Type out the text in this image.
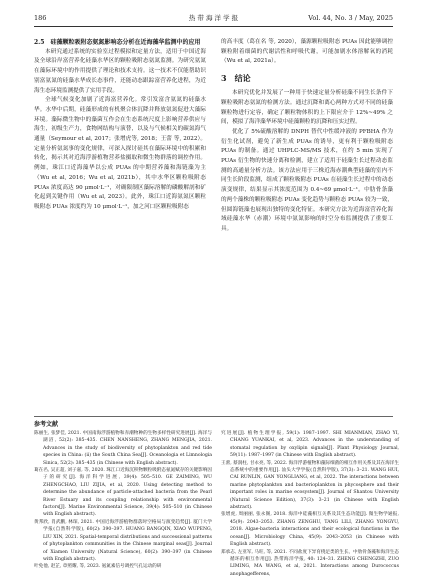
186	热 带 海 洋 学 报	Vol. 44, No. 3 / May, 2025
2.5　硅藻颗粒吸附态氨氮影响态分析在近海藻华监测中的应用

本研究通过系统的实验室过程模拟和定量方法，适用于中国近海及全球沿岸富营养化硅藻水华区的颗粒吸附态氨氮监测。为研究氨氮在藻际环境中的作用提供了理论和技术支持。这一技术不仅能帮助识别富氨氮的硅藻水华成长态事件，还能动态跟踪富营养化进程，为近海生态环境监测提供了实用手段。

全球气候变化加剧了近海富营养化。常引发富含氨氮的硅藻水华。水华中后期，硅藻形成的有机聚合体沉降并释放氨氮促进大藻际环境。藻际微生物中的藻菌互作会在生态系统尺度上影响营养供应与海生，初级生产力，食物网结构与演替，以及与气候相关的碳氮海气通量（Seymour et al, 2017；张增虎等, 2018；王蕾 等, 2022）。定量分析氨氮事的变化规律，可深入探讨硅其在藻际环境中的积累和转化，揭示其对近海浮游植物营养盐摄取和微生物群落的调控作用。例如，珠江口近海藻华以公成 PUAs 的中期营养藻和海链藻为主（Wu et al, 2016；Wu et al, 2021b），其中水华区颗粒吸附态 PUAs 浓度高达 90 μmol·L⁻¹，对确限制区藻际溶解的磷酸解剖和矿化起到关键作用（Wu et al, 2023）。此外，珠江口近海氨氮区颗粒吸附态 PUAs 浓度约为 10 μmol·L⁻¹，加之河口区颗粒吸附态

的高丰度（葛在名 等, 2020），藻源颗粒吸附态 PUAs 因此能够调控颗粒附着细菌的代谢活性和呼吸代谢，可能加剧水体溶解氧的消耗（Wu et al, 2021a）。

3　结论

本研究优化并发展了一种用于快速定量分析硅藻不同生长条件下颗粒吸附态氨氮的检测方法。通过沉降和离心两种方式对不同的硅藻颗粒物进行定容，确定了颗粒物体积的上下限应介于 12%~49% 之间，模拟了海洋藻华环境中硅藻颗粒的沉降和压实过程。

优化了 5%硫酸溶解的 DNPH 替代中性缓冲液的 PFBHA 作为衍生化试剂，避免了新生成 PUAs 的诱导，更有利于颗粒吸附态 PUAs 的制备。通过 UHPLC-MS/MS 技术，在约 5 min 实现了 PUAs 衍生物的快速分离和检测，建立了适用于硅藻生长过程动态监测的高通量分析方法。该方法应用于三株近海赤潮典型硅藻的室内不同生长阶段监测，组成了颗粒吸附态 PUAs 在硅藻生长过程中的动态演变规律，结果显示其浓度范围为 0.4~69 μmol·L⁻¹。中肋骨条藻的两个藻株的颗粒吸附态 PUAs 变化趋势与颗粒态 PUAs 较为一致，但圆海链藻也展现出独特的变化特征。本研究方法为近海富营养化海域硅藻水华（赤潮）环境中氨氮影响的时空分布监测提供了重要工具。

参考文献

陈丽生, 张梦佳, 2021. 中国南海浮游植物和赤潮物种的生物多样性研究进展[J]. 海洋与湖沼, 52(2): 385–435. CHEN NANSHENG, ZHANG MENGJIA, 2021. Advances in the study of biodiversity of phytoplankton and red tide species in China: (ii) the South China Sea[J]. Oceanologia et Limnologia Sinica, 52(2): 385–435 (in Chinese with English abstract).

葛在名, 吴正超, 刘子嘉, 等, 2020. 珠江口近海沉积物颗粒吸附态氨氮赋存的关键影响因子的研究[J]. 海洋科学进展, 39(4): 505–510. GE ZAIMING, WU ZHENGCHAO, LIU ZIJIA, et al, 2020. Using detecting method to determine the abundance of particle-attached bacteria from the Pearl River Estuary and its coupling relationship with environmental factors[J]. Marine Environmental Science, 39(4): 505–510 (in Chinese with English abstract).

黄邦欣, 肖武鹏, 林琛, 2021. 中国近海浮游植物群落时空格局与演变趋势[J]. 厦门大学学报(自然科学版), 60(2): 390–397. HUANG BANGQIN, XIAO WUPENG, LIU XIN, 2021. Spatial-temporal distributions and successional patterns of phytoplankton communities in the Chinese marginal seas[J]. Journal of Xiamen University (Natural Science), 60(2): 390–397 (in Chinese with English abstract).

叶免他, 赵芷, 章照耀, 等, 2023. 氨氮素信号调控气孔运动的研

究进展[J]. 植物生理学报, 59(1): 1987–1997. SHI MIANMIAN, ZHAO YI, CHANG YUANKAI, et al, 2023. Advances in the understanding of stomatal regulation by oxylipin signals[J]. Plant Physiology Journal, 59(11): 1987–1997 (in Chinese with English abstract).

王蕾, 蔡润柱, 甘永亮, 等, 2022. 海洋浮游植物和藻际细菌的相互作用关系及其在海洋生态系统中的重要作用[J]. 汕头大学学报(自然科学版), 37(3): 3–21. WANG HUI, CAI RUNLIN, GAN YONGLIANG, et al, 2022. The interactions between marine phytoplankton and bacterioplankton in phycosphere and their important roles in marine ecosystem[J]. Journal of Shantou University (Natural Science Edition), 37(3): 3–21 (in Chinese with English abstract).

张增虎, 周丽丽, 张永阁, 2018. 海洋中硅藻相互关系及其生态功能[J]. 微生物学通报, 45(9): 2043–2053. ZHANG ZENGHU, TANG LILI, ZHANG YONGYU, 2018. Algae-bacteria interactions and their ecological functions in the ocean[J]. Microbiology China, 45(9): 2043–2053 (in Chinese with English abstract).

郑承志, 左亚军, 马旺, 等, 2021. 不同盐度下异育桡足类的生长、中肋骨条藻和海洋生态循环的相互作用[J]. 热带海洋学报, 40: 124–31. ZHENG CHENGZHI, ZUO LIMING, MA WANG, et al, 2021. Interactions among Durococcus anophagefferens,
